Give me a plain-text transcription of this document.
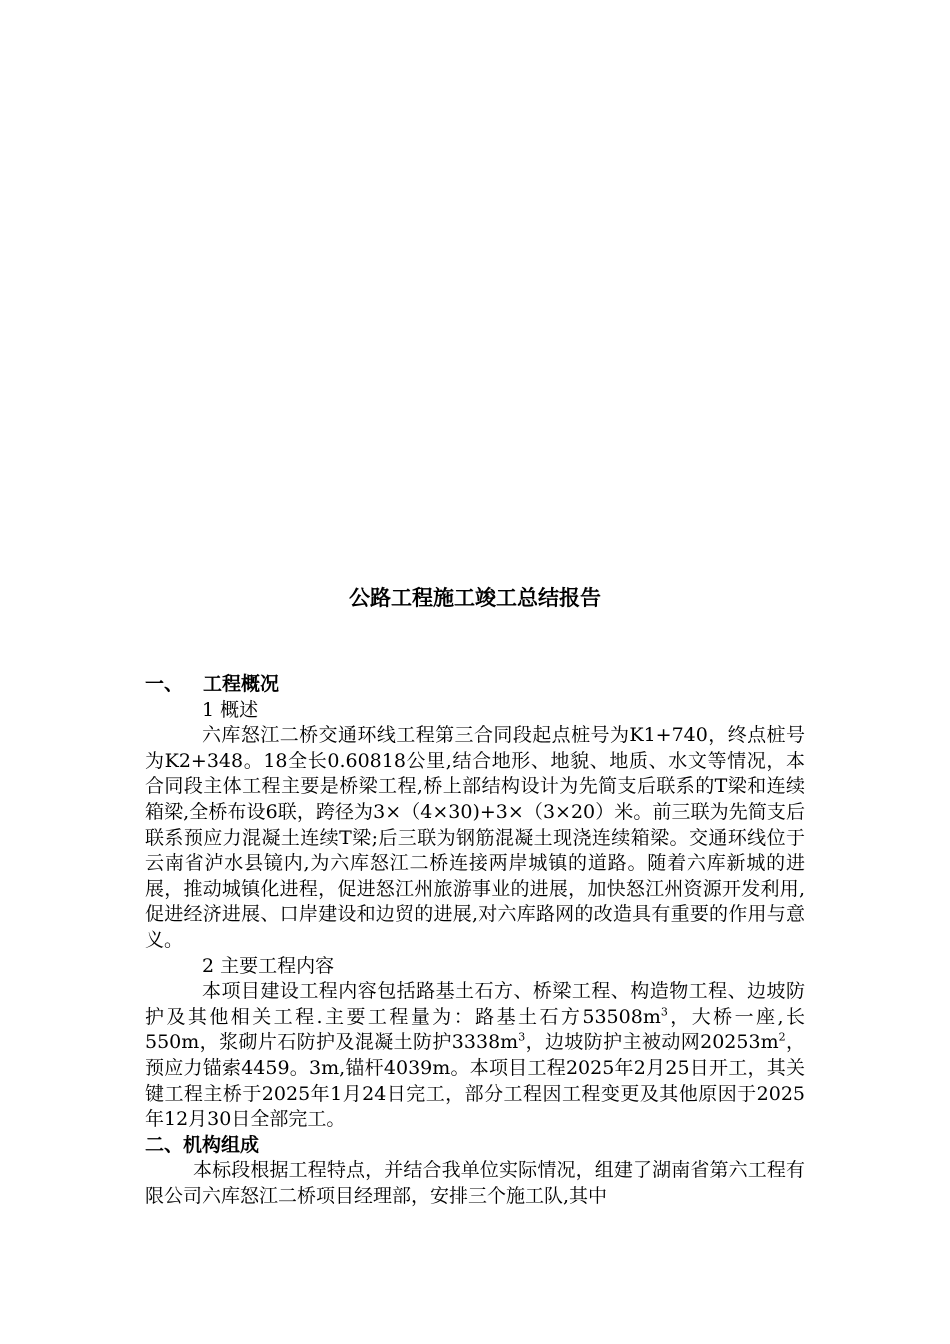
公路工程施工竣工总结报告
一、 工程概况
1 概述

六库怒江二桥交通环线工程第三合同段起点桩号为K1+740，终点桩号为K2+348。18全长0.60818公里,结合地形、地貌、地质、水文等情况，本合同段主体工程主要是桥梁工程,桥上部结构设计为先简支后联系的T梁和连续箱梁,全桥布设6联，跨径为3×（4×30)+3×（3×20）米。前三联为先简支后联系预应力混凝土连续T梁;后三联为钢筋混凝土现浇连续箱梁。交通环线位于云南省泸水县镜内,为六库怒江二桥连接两岸城镇的道路。随着六库新城的进展，推动城镇化进程，促进怒江州旅游事业的进展，加快怒江州资源开发利用,促进经济进展、口岸建设和边贸的进展,对六库路网的改造具有重要的作用与意义。

2 主要工程内容

本项目建设工程内容包括路基土石方、桥梁工程、构造物工程、边坡防护及其他相关工程.主要工程量为：路基土石方$53508m^3$，大桥一座,长550m，浆砌片石防护及混凝土防护$3338m^3$，边坡防护主被动网$20253m^2$，预应力锚索4459。3m,锚杆4039m。本项目工程2025年2月25日开工，其关键工程主桥于2025年1月24日完工，部分工程因工程变更及其他原因于2025年12月30日全部完工。

二、机构组成

本标段根据工程特点，并结合我单位实际情况，组建了湖南省第六工程有限公司六库怒江二桥项目经理部，安排三个施工队,其中
